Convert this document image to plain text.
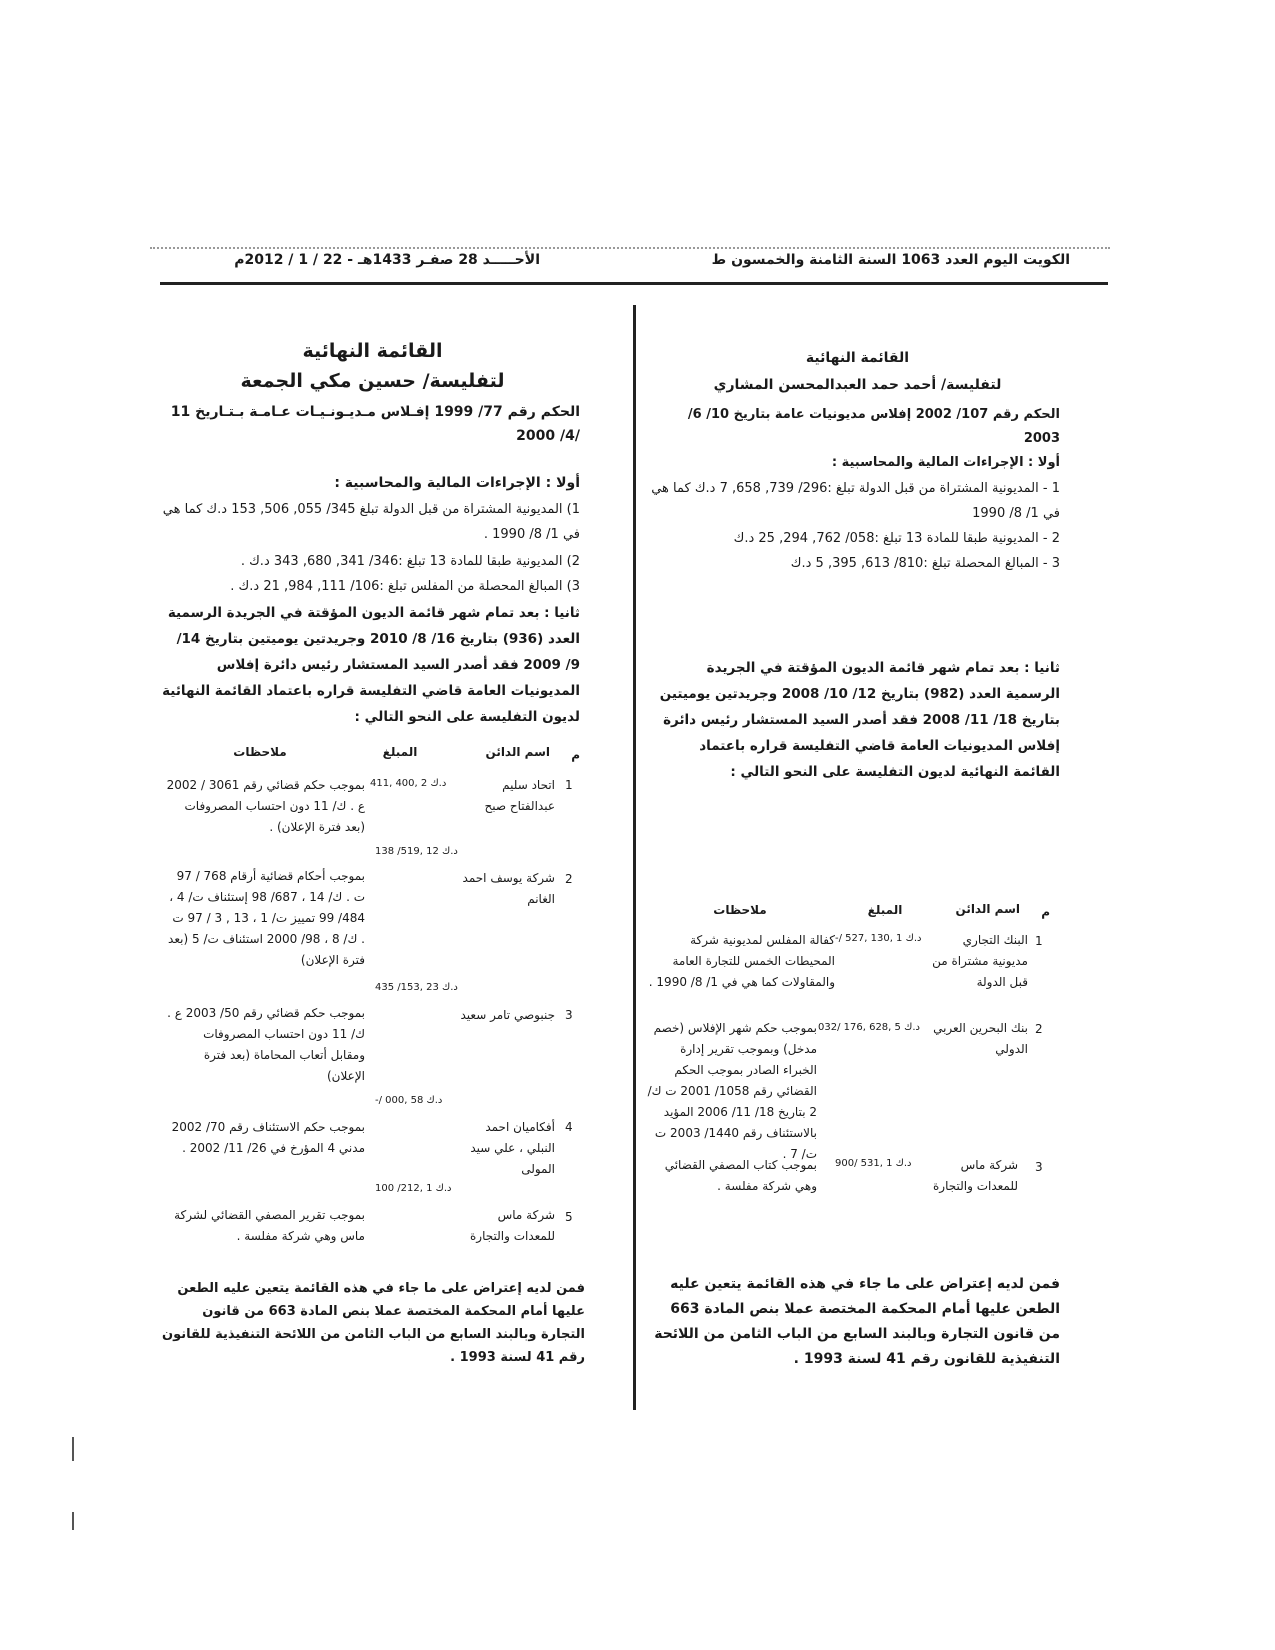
الكويت اليوم العدد 1063 السنة الثامنة والخمسون ط
الأحـــــد 28 صفـر 1433هـ - 22 / 1 / 2012م
القائمة النهائية
لتفليسة/ حسين مكي الجمعة
الحكم رقم 77/ 1999 إفـلاس مـديـونـيـات عـامـة بـتـاريخ 11 /4/ 2000
أولا : الإجراءات المالية والمحاسبية :
1) المديونية المشتراة من قبل الدولة تبلغ 345/ 055, 506, 153 د.ك كما هي في 1/ 8/ 1990 .
2) المديونية طبقا للمادة 13 تبلغ :346/ 341, 680, 343 د.ك .
3) المبالغ المحصلة من المفلس تبلغ :106/ 111, 984, 21 د.ك .
ثانيا : بعد تمام شهر قائمة الديون المؤقتة في الجريدة الرسمية العدد (936) بتاريخ 16/ 8/ 2010 وجريدتين يوميتين بتاريخ 14/ 9/ 2009 فقد أصدر السيد المستشار رئيس دائرة إفلاس المديونيات العامة قاضي التفليسة قراره باعتماد القائمة النهائية لديون التفليسة على النحو التالي :
م
اسم الدائن
المبلغ
ملاحظات
1
اتحاد سليم عبدالفتاح صبح
411, 400, 2 د.ك
بموجب حكم قضائي رقم 3061 / 2002 ع . ك/ 11 دون احتساب المصروفات (بعد فترة الإعلان) .
138 /519, 12 د.ك
2
شركة يوسف احمد الغانم
بموجب أحكام قضائية أرقام 768 / 97 ت . ك/ 14 ، 687/ 98 إستئناف ت/ 4 ، 484/ 99 تمييز ت/ 1 ، 13 , 3 / 97 ت . ك/ 8 ، 98/ 2000 استئناف ت/ 5 (بعد فترة الإعلان)
435 /153, 23 د.ك
3
جنبوصي تامر سعيد
بموجب حكم قضائي رقم 50/ 2003 ع . ك/ 11 دون احتساب المصروفات ومقابل أتعاب المحاماة (بعد فترة الإعلان)
-/ 000, 58 د.ك
4
أفكاميان احمد النبلي ، علي سيد المولى
بموجب حكم الاستئناف رقم 70/ 2002 مدني 4 المؤرخ في 26/ 11/ 2002 .
100 /212, 1 د.ك
5
شركة ماس للمعدات والتجارة
بموجب تقرير المصفي القضائي لشركة ماس وهي شركة مفلسة .
فمن لديه إعتراض على ما جاء في هذه القائمة يتعين عليه الطعن عليها أمام المحكمة المختصة عملا بنص المادة 663 من قانون التجارة وبالبند السابع من الباب الثامن من اللائحة التنفيذية للقانون رقم 41 لسنة 1993 .
القائمة النهائية
لتفليسة/ أحمد حمد العبدالمحسن المشاري
الحكم رقم 107/ 2002 إفلاس مديونيات عامة بتاريخ 10/ 6/ 2003
أولا : الإجراءات المالية والمحاسبية :
1 - المديونية المشتراة من قبل الدولة تبلغ :296/ 739, 658, 7 د.ك كما هي في 1/ 8/ 1990
2 - المديونية طبقا للمادة 13 تبلغ :058/ 762, 294, 25 د.ك
3 - المبالغ المحصلة تبلغ :810/ 613, 395, 5 د.ك
ثانيا : بعد تمام شهر قائمة الديون المؤقتة في الجريدة الرسمية العدد (982) بتاريخ 12/ 10/ 2008 وجريدتين يوميتين بتاريخ 18/ 11/ 2008 فقد أصدر السيد المستشار رئيس دائرة إفلاس المديونيات العامة قاضي التفليسة قراره باعتماد القائمة النهائية لديون التفليسة على النحو التالي :
م
اسم الدائن
المبلغ
ملاحظات
1
البنك التجاري مديونية مشتراة من قبل الدولة
-/ 527, 130, 1 د.ك
كفالة المفلس لمديونية شركة المحيطات الخمس للتجارة العامة والمقاولات كما هي في 1/ 8/ 1990 .
2
بنك البحرين العربي الدولي
032/ 176, 628, 5 د.ك
بموجب حكم شهر الإفلاس (خصم مدخل) وبموجب تقرير إدارة الخبراء الصادر بموجب الحكم القضائي رقم 1058/ 2001 ت ك/ 2 بتاريخ 18/ 11/ 2006 المؤيد بالاستئناف رقم 1440/ 2003 ت ت/ 7 .
3
شركة ماس للمعدات والتجارة
900/ 531, 1 د.ك
بموجب كتاب المصفي القضائي وهي شركة مفلسة .
فمن لديه إعتراض على ما جاء في هذه القائمة يتعين عليه الطعن عليها أمام المحكمة المختصة عملا بنص المادة 663 من قانون التجارة وبالبند السابع من الباب الثامن من اللائحة التنفيذية للقانون رقم 41 لسنة 1993 .
